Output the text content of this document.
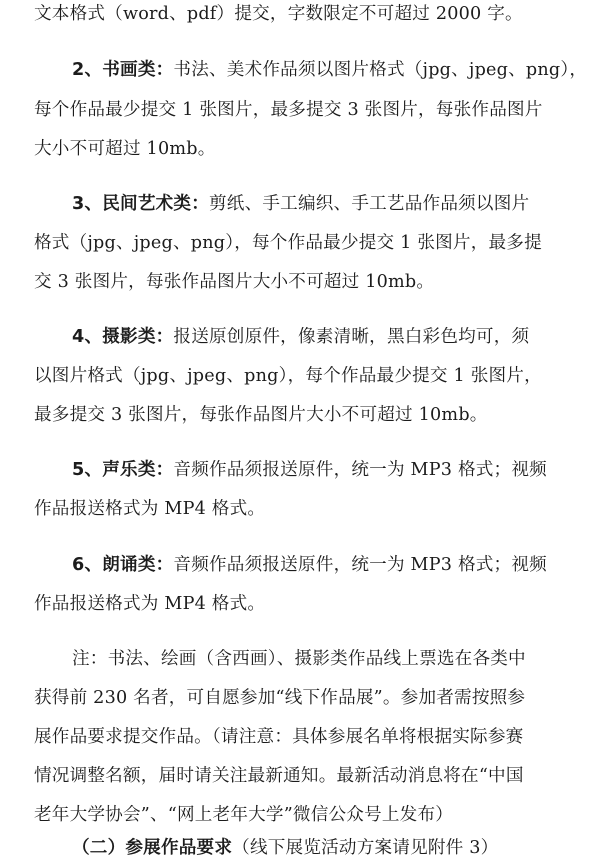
文本格式（word、pdf）提交，字数限定不可超过 2000 字。
2、书画类：书法、美术作品须以图片格式（jpg、jpeg、png），
每个作品最少提交 1 张图片，最多提交 3 张图片，每张作品图片
大小不可超过 10mb。
3、民间艺术类：剪纸、手工编织、手工艺品作品须以图片
格式（jpg、jpeg、png），每个作品最少提交 1 张图片，最多提
交 3 张图片，每张作品图片大小不可超过 10mb。
4、摄影类：报送原创原件，像素清晰，黑白彩色均可，须
以图片格式（jpg、jpeg、png），每个作品最少提交 1 张图片，
最多提交 3 张图片，每张作品图片大小不可超过 10mb。
5、声乐类：音频作品须报送原件，统一为 MP3 格式；视频
作品报送格式为 MP4 格式。
6、朗诵类：音频作品须报送原件，统一为 MP3 格式；视频
作品报送格式为 MP4 格式。
注：书法、绘画（含西画）、摄影类作品线上票选在各类中
获得前 230 名者，可自愿参加“线下作品展”。参加者需按照参
展作品要求提交作品。（请注意：具体参展名单将根据实际参赛
情况调整名额，届时请关注最新通知。最新活动消息将在“中国
老年大学协会”、“网上老年大学”微信公众号上发布）
（二）参展作品要求（线下展览活动方案请见附件 3）
